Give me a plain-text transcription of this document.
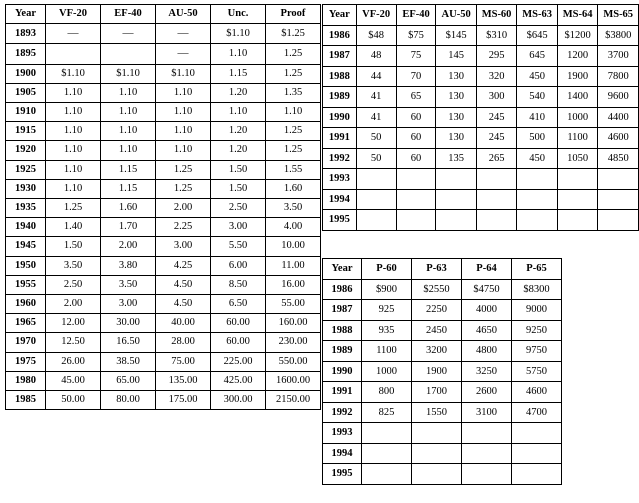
Year	VF-20	EF-40	AU-50	Unc.	Proof
1893	—	—	—	$1.10	$1.25
1895			—	1.10	1.25
1900	$1.10	$1.10	$1.10	1.15	1.25
1905	1.10	1.10	1.10	1.20	1.35
1910	1.10	1.10	1.10	1.10	1.10
1915	1.10	1.10	1.10	1.20	1.25
1920	1.10	1.10	1.10	1.20	1.25
1925	1.10	1.15	1.25	1.50	1.55
1930	1.10	1.15	1.25	1.50	1.60
1935	1.25	1.60	2.00	2.50	3.50
1940	1.40	1.70	2.25	3.00	4.00
1945	1.50	2.00	3.00	5.50	10.00
1950	3.50	3.80	4.25	6.00	11.00
1955	2.50	3.50	4.50	8.50	16.00
1960	2.00	3.00	4.50	6.50	55.00
1965	12.00	30.00	40.00	60.00	160.00
1970	12.50	16.50	28.00	60.00	230.00
1975	26.00	38.50	75.00	225.00	550.00
1980	45.00	65.00	135.00	425.00	1600.00
1985	50.00	80.00	175.00	300.00	2150.00
Year	VF-20	EF-40	AU-50	MS-60	MS-63	MS-64	MS-65
1986	$48	$75	$145	$310	$645	$1200	$3800
1987	48	75	145	295	645	1200	3700
1988	44	70	130	320	450	1900	7800
1989	41	65	130	300	540	1400	9600
1990	41	60	130	245	410	1000	4400
1991	50	60	130	245	500	1100	4600
1992	50	60	135	265	450	1050	4850
1993							
1994							
1995							
Year	P-60	P-63	P-64	P-65
1986	$900	$2550	$4750	$8300
1987	925	2250	4000	9000
1988	935	2450	4650	9250
1989	1100	3200	4800	9750
1990	1000	1900	3250	5750
1991	800	1700	2600	4600
1992	825	1550	3100	4700
1993				
1994				
1995				
